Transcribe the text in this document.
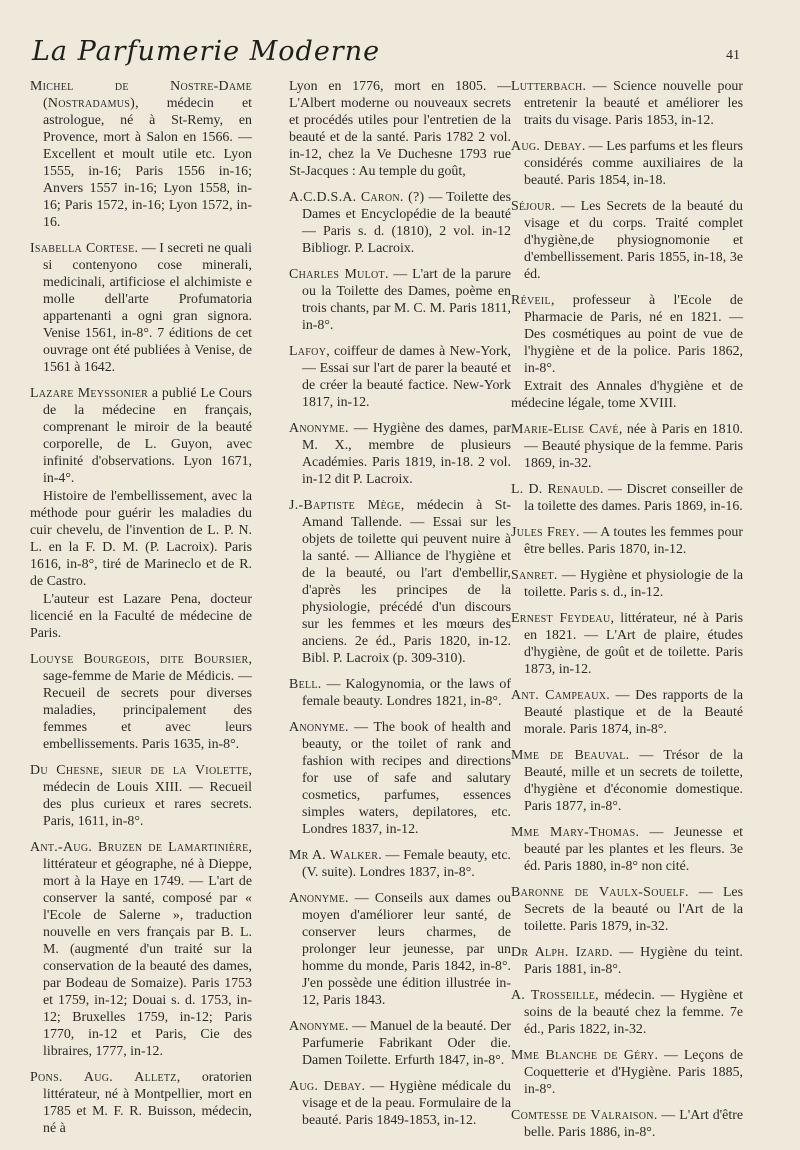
La Parfumerie Moderne	41

Michel de Nostre-Dame (Nostradamus), médecin et astrologue, né à St-Remy, en Provence, mort à Salon en 1566. — Excellent et moult utile etc. Lyon 1555, in-16; Paris 1556 in-16; Anvers 1557 in-16; Lyon 1558, in-16; Paris 1572, in-16; Lyon 1572, in-16.

Isabella Cortese. — I secreti ne quali si contenyono cose minerali, medicinali, artificiose el alchimiste e molle dell'arte Profumatoria appartenanti a ogni gran signora. Venise 1561, in-8°. 7 éditions de cet ouvrage ont été publiées à Venise, de 1561 à 1642.

Lazare Meyssonier a publié Le Cours de la médecine en français, comprenant le miroir de la beauté corporelle, de L. Guyon, avec infinité d'observations. Lyon 1671, in-4°.

Histoire de l'embellissement, avec la méthode pour guérir les maladies du cuir chevelu, de l'invention de L. P. N. L. en la F. D. M. (P. Lacroix). Paris 1616, in-8°, tiré de Marineclo et de R. de Castro.

L'auteur est Lazare Pena, docteur licencié en la Faculté de médecine de Paris.

Louyse Bourgeois, dite Boursier, sage-femme de Marie de Médicis. — Recueil de secrets pour diverses maladies, principalement des femmes et avec leurs embellissements. Paris 1635, in-8°.

Du Chesne, sieur de la Violette, médecin de Louis XIII. — Recueil des plus curieux et rares secrets. Paris, 1611, in-8°.

Ant.-Aug. Bruzen de Lamartinière, littérateur et géographe, né à Dieppe, mort à la Haye en 1749. — L'art de conserver la santé, composé par « l'Ecole de Salerne », traduction nouvelle en vers français par B. L. M. (augmenté d'un traité sur la conservation de la beauté des dames, par Bodeau de Somaize). Paris 1753 et 1759, in-12; Douai s. d. 1753, in-12; Bruxelles 1759, in-12; Paris 1770, in-12 et Paris, Cie des libraires, 1777, in-12.

Pons. Aug. Alletz, oratorien littérateur, né à Montpellier, mort en 1785 et M. F. R. Buisson, médecin, né à

Lyon en 1776, mort en 1805. — L'Albert moderne ou nouveaux secrets et procédés utiles pour l'entretien de la beauté et de la santé. Paris 1782 2 vol. in-12, chez la Ve Duchesne 1793 rue St-Jacques : Au temple du goût,

A.C.D.S.A. Caron. (?) — Toilette des Dames et Encyclopédie de la beauté — Paris s. d. (1810), 2 vol. in-12 Bibliogr. P. Lacroix.

Charles Mulot. — L'art de la parure ou la Toilette des Dames, poème en trois chants, par M. C. M. Paris 1811, in-8°.

Lafoy, coiffeur de dames à New-York, — Essai sur l'art de parer la beauté et de créer la beauté factice. New-York 1817, in-12.

Anonyme. — Hygiène des dames, par M. X., membre de plusieurs Académies. Paris 1819, in-18. 2 vol. in-12 dit P. Lacroix.

J.-Baptiste Mège, médecin à St-Amand Tallende. — Essai sur les objets de toilette qui peuvent nuire à la santé. — Alliance de l'hygiène et de la beauté, ou l'art d'embellir, d'après les principes de la physiologie, précédé d'un discours sur les femmes et les mœurs des anciens. 2e éd., Paris 1820, in-12. Bibl. P. Lacroix (p. 309-310).

Bell. — Kalogynomia, or the laws of female beauty. Londres 1821, in-8°.

Anonyme. — The book of health and beauty, or the toilet of rank and fashion with recipes and directions for use of safe and salutary cosmetics, parfumes, essences simples waters, depilatores, etc. Londres 1837, in-12.

Mr A. Walker. — Female beauty, etc. (V. suite). Londres 1837, in-8°.

Anonyme. — Conseils aux dames ou moyen d'améliorer leur santé, de conserver leurs charmes, de prolonger leur jeunesse, par un homme du monde, Paris 1842, in-8°. J'en possède une édition illustrée in-12, Paris 1843.

Anonyme. — Manuel de la beauté. Der Parfumerie Fabrikant Oder die. Damen Toilette. Erfurth 1847, in-8°.

Aug. Debay. — Hygiène médicale du visage et de la peau. Formulaire de la beauté. Paris 1849-1853, in-12.

Lutterbach. — Science nouvelle pour entretenir la beauté et améliorer les traits du visage. Paris 1853, in-12.

Aug. Debay. — Les parfums et les fleurs considérés comme auxiliaires de la beauté. Paris 1854, in-18.

Séjour. — Les Secrets de la beauté du visage et du corps. Traité complet d'hygiène,de physiognomonie et d'embellissement. Paris 1855, in-18, 3e éd.

Réveil, professeur à l'Ecole de Pharmacie de Paris, né en 1821. — Des cosmétiques au point de vue de l'hygiène et de la police. Paris 1862, in-8°.

Extrait des Annales d'hygiène et de médecine légale, tome XVIII.

Marie-Elise Cavé, née à Paris en 1810. — Beauté physique de la femme. Paris 1869, in-32.

L. D. Renauld. — Discret conseiller de la toilette des dames. Paris 1869, in-16.

Jules Frey. — A toutes les femmes pour être belles. Paris 1870, in-12.

Sanret. — Hygiène et physiologie de la toilette. Paris s. d., in-12.

Ernest Feydeau, littérateur, né à Paris en 1821. — L'Art de plaire, études d'hygiène, de goût et de toilette. Paris 1873, in-12.

Ant. Campeaux. — Des rapports de la Beauté plastique et de la Beauté morale. Paris 1874, in-8°.

Mme de Beauval. — Trésor de la Beauté, mille et un secrets de toilette, d'hygiène et d'économie domestique. Paris 1877, in-8°.

Mme Mary-Thomas. — Jeunesse et beauté par les plantes et les fleurs. 3e éd. Paris 1880, in-8° non cité.

Baronne de Vaulx-Souelf. — Les Secrets de la beauté ou l'Art de la toilette. Paris 1879, in-32.

Dr Alph. Izard. — Hygiène du teint. Paris 1881, in-8°.

A. Trosseille, médecin. — Hygiène et soins de la beauté chez la femme. 7e éd., Paris 1822, in-32.

Mme Blanche de Géry. — Leçons de Coquetterie et d'Hygiène. Paris 1885, in-8°.

Comtesse de Valraison. — L'Art d'être belle. Paris 1886, in-8°.
